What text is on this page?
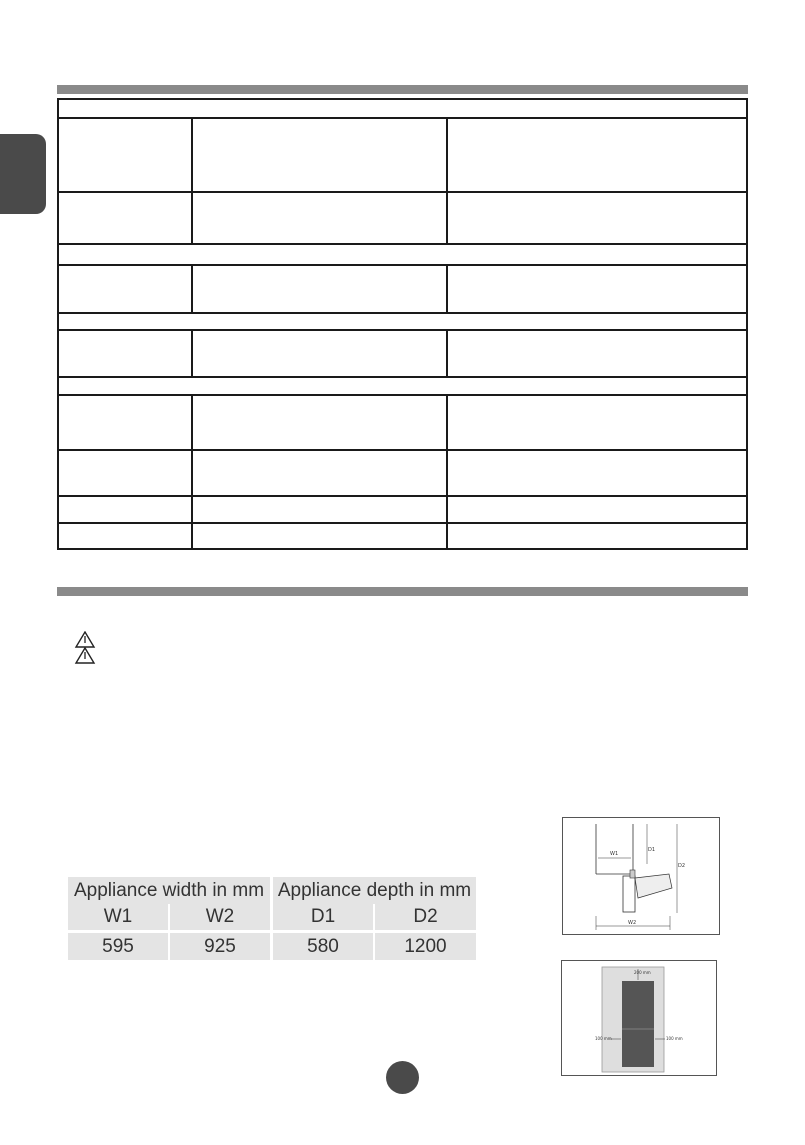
Appliance width in mm Appliance depth in mm
W1	W2	D1	D2
595	925	580	1200
W1
D1
D2
W2
200 mm
100 mm	100 mm
